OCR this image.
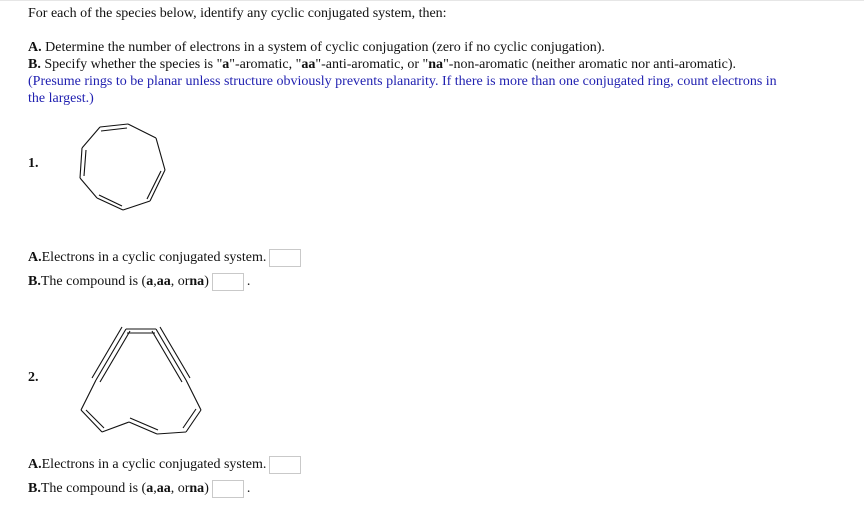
For each of the species below, identify any cyclic conjugated system, then:
A. Determine the number of electrons in a system of cyclic conjugation (zero if no cyclic conjugation).
B. Specify whether the species is "a"-aromatic, "aa"-anti-aromatic, or "na"-non-aromatic (neither aromatic nor anti-aromatic).
(Presume rings to be planar unless structure obviously prevents planarity. If there is more than one conjugated ring, count electrons in
the largest.)
1.
A. Electrons in a cyclic conjugated system.
B. The compound is ( a , aa , or na )	.
2.
A. Electrons in a cyclic conjugated system.
B. The compound is ( a , aa , or na )	.
